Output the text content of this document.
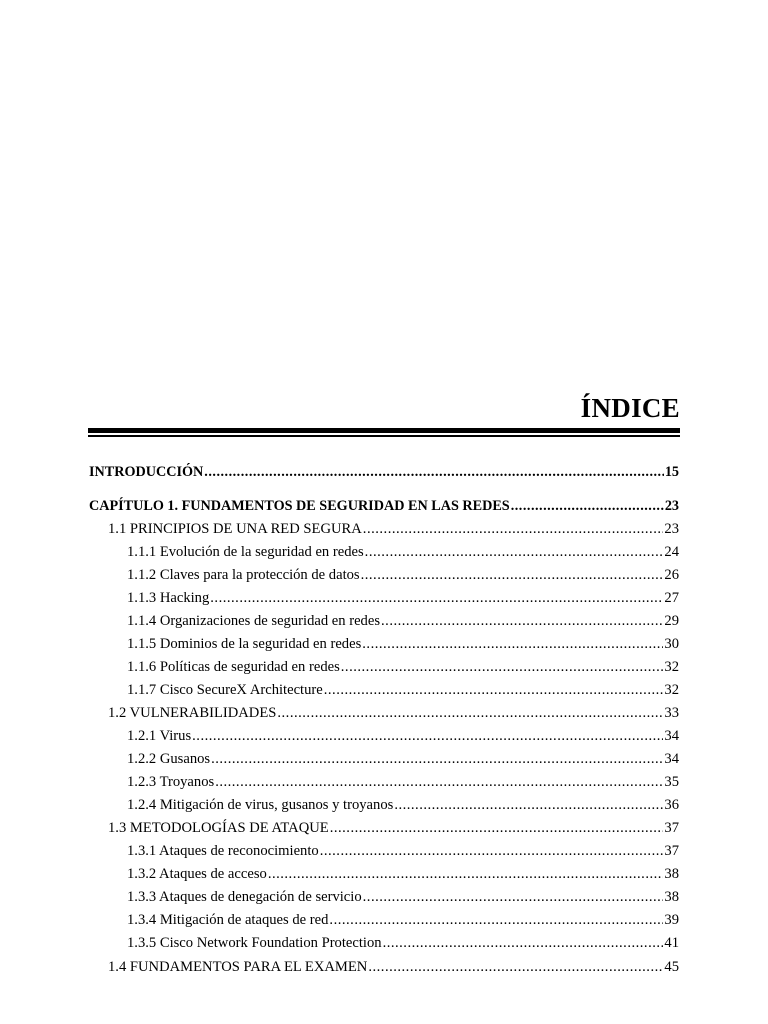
ÍNDICE
INTRODUCCIÓN .....	15
CAPÍTULO 1. FUNDAMENTOS DE SEGURIDAD EN LAS REDES .....	23
1.1 PRINCIPIOS DE UNA RED SEGURA .....	23
1.1.1 Evolución de la seguridad en redes .....	24
1.1.2 Claves para la protección de datos .....	26
1.1.3 Hacking .....	27
1.1.4 Organizaciones de seguridad en redes .....	29
1.1.5 Dominios de la seguridad en redes .....	30
1.1.6 Políticas de seguridad en redes .....	32
1.1.7 Cisco SecureX Architecture .....	32
1.2 VULNERABILIDADES .....	33
1.2.1 Virus .....	34
1.2.2 Gusanos .....	34
1.2.3 Troyanos .....	35
1.2.4 Mitigación de virus, gusanos y troyanos .....	36
1.3 METODOLOGÍAS DE ATAQUE .....	37
1.3.1 Ataques de reconocimiento .....	37
1.3.2 Ataques de acceso .....	38
1.3.3 Ataques de denegación de servicio .....	38
1.3.4 Mitigación de ataques de red .....	39
1.3.5 Cisco Network Foundation Protection .....	41
1.4 FUNDAMENTOS PARA EL EXAMEN .....	45
